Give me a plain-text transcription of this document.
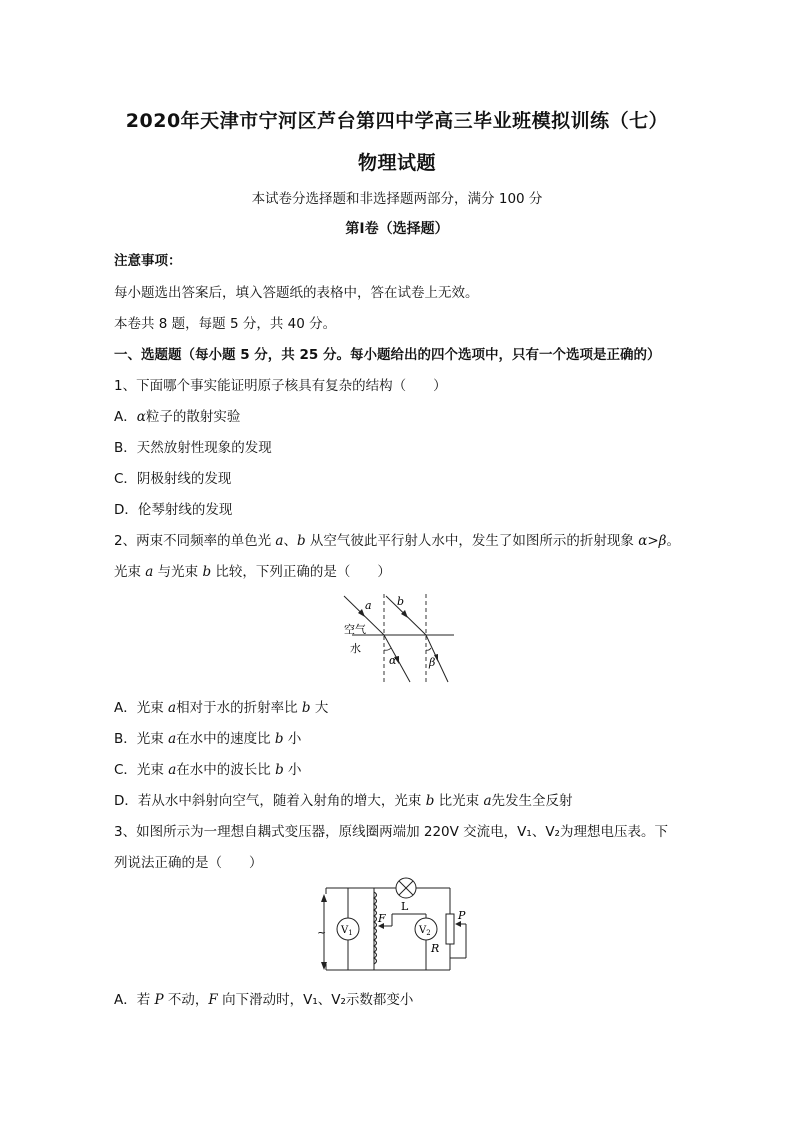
2020年天津市宁河区芦台第四中学高三毕业班模拟训练（七）
物理试题
本试卷分选择题和非选择题两部分，满分 100 分
第Ⅰ卷（选择题）
注意事项：
每小题选出答案后，填入答题纸的表格中，答在试卷上无效。
本卷共 8 题，每题 5 分，共 40 分。
一、选题题（每小题 5 分，共 25 分。每小题给出的四个选项中，只有一个选项是正确的）
1、下面哪个事实能证明原子核具有复杂的结构（　　）
A．α粒子的散射实验
B．天然放射性现象的发现
C．阴极射线的发现
D．伦琴射线的发现
2、两束不同频率的单色光 a、b 从空气彼此平行射人水中，发生了如图所示的折射现象 α>β。
光束 a 与光束 b 比较，下列正确的是（　　）
a b
空气
水
α	β
A．光束 a相对于水的折射率比 b 大
B．光束 a在水中的速度比 b 小
C．光束 a在水中的波长比 b 小
D．若从水中斜射向空气，随着入射角的增大，光束 b 比光束 a先发生全反射
3、如图所示为一理想自耦式变压器，原线圈两端加 220V 交流电，V₁、V₂为理想电压表。下
列说法正确的是（　　）
~ $V_1$	$V_2$
F
L
P
R
A．若 P 不动，F 向下滑动时，V₁、V₂示数都变小
